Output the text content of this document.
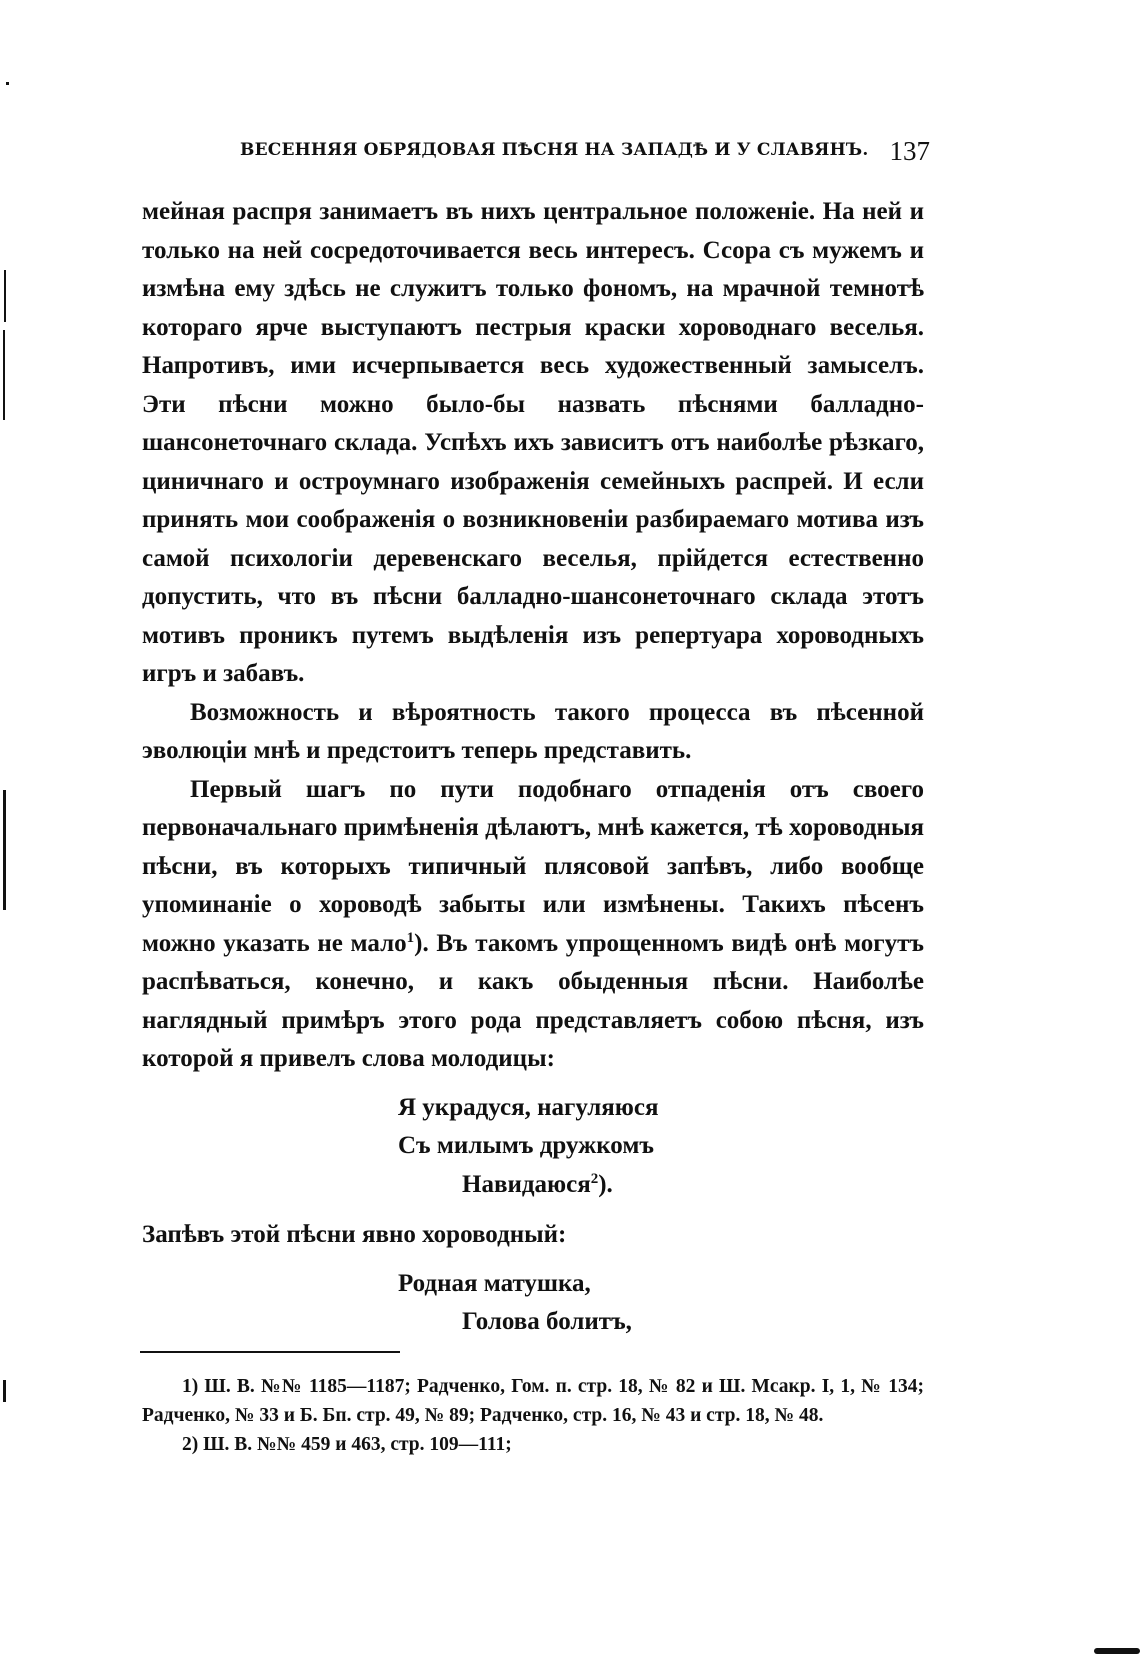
ВЕСЕННЯЯ ОБРЯДОВАЯ ПѢСНЯ НА ЗАПАДѢ И У СЛАВЯНЪ. 137

мейная распря занимаетъ въ нихъ центральное положеніе. На ней и только на ней сосредоточивается весь интересъ. Ссора съ мужемъ и измѣна ему здѣсь не служитъ только фономъ, на мрачной темнотѣ котораго ярче выступаютъ пестрыя краски хороводнаго веселья. Напротивъ, ими исчерпывается весь художественный замыселъ. Эти пѣсни можно было-бы назвать пѣснями балладно-шансонеточнаго склада. Успѣхъ ихъ зависитъ отъ наиболѣе рѣзкаго, циничнаго и остроумнаго изображенія семейныхъ распрей. И если принять мои соображенія о возникновеніи разбираемаго мотива изъ самой психологіи деревенскаго веселья, прійдется естественно допустить, что въ пѣсни балладно-шансонеточнаго склада этотъ мотивъ проникъ путемъ выдѣленія изъ репертуара хороводныхъ игръ и забавъ.

Возможность и вѣроятность такого процесса въ пѣсенной эволюціи мнѣ и предстоитъ теперь представить.

Первый шагъ по пути подобнаго отпаденія отъ своего первоначальнаго примѣненія дѣлаютъ, мнѣ кажется, тѣ хороводныя пѣсни, въ которыхъ типичный плясовой запѣвъ, либо вообще упоминаніе о хороводѣ забыты или измѣнены. Такихъ пѣсенъ можно указать не мало$^1$). Въ такомъ упрощенномъ видѣ онѣ могутъ распѣваться, конечно, и какъ обыденныя пѣсни. Наиболѣе наглядный примѣръ этого рода представляетъ собою пѣсня, изъ которой я привелъ слова молодицы:

Я украдуся, нагуляюся
Съ милымъ дружкомъ
Навидаюся$^2$).

Запѣвъ этой пѣсни явно хороводный:

Родная матушка,
Голова болитъ,

1) Ш. В. №№ 1185—1187; Радченко, Гом. п. стр. 18, № 82 и Ш. Мсакр. I, 1, № 134; Радченко, № 33 и Б. Бп. стр. 49, № 89; Радченко, стр. 16, № 43 и стр. 18, № 48.

2) Ш. В. №№ 459 и 463, стр. 109—111;
